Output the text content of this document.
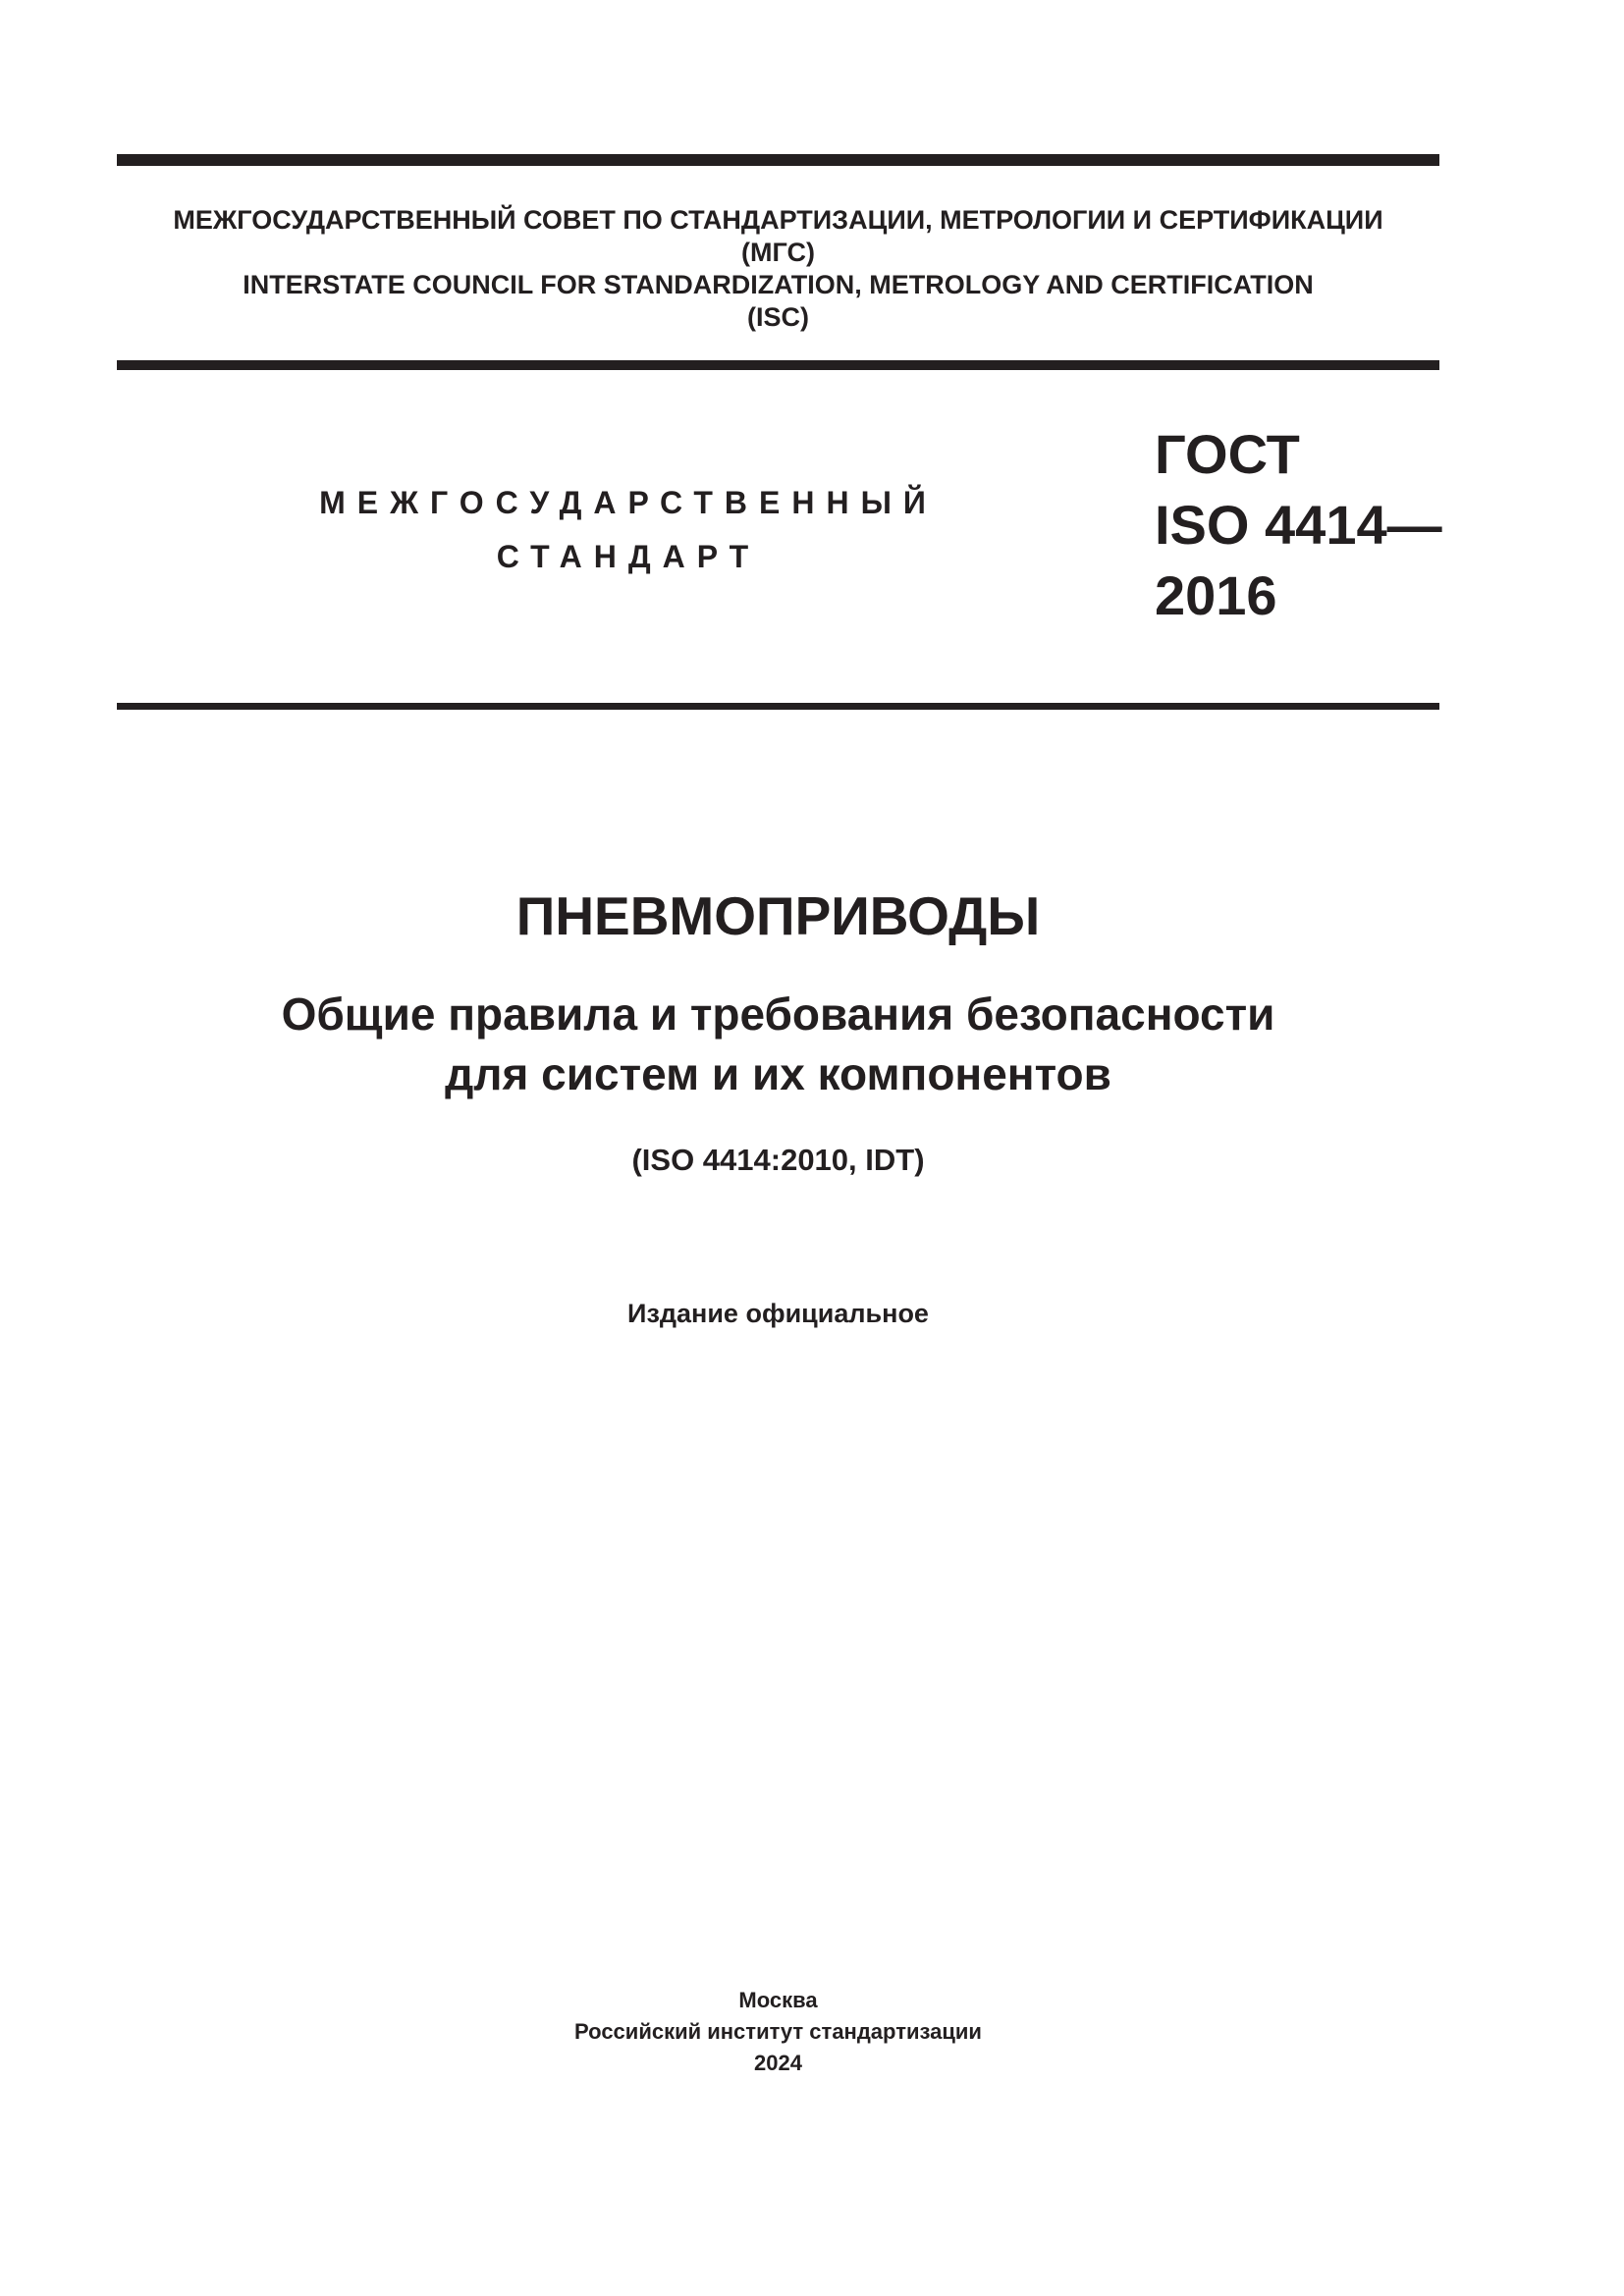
МЕЖГОСУДАРСТВЕННЫЙ СОВЕТ ПО СТАНДАРТИЗАЦИИ, МЕТРОЛОГИИ И СЕРТИФИКАЦИИ
(МГС)
INTERSTATE COUNCIL FOR STANDARDIZATION, METROLOGY AND CERTIFICATION
(ISC)
МЕЖГОСУДАРСТВЕННЫЙ
СТАНДАРТ
ГОСТ
ISO 4414—
2016
ПНЕВМОПРИВОДЫ
Общие правила и требования безопасности
для систем и их компонентов
(ISO 4414:2010, IDT)
Издание официальное
Москва
Российский институт стандартизации
2024
